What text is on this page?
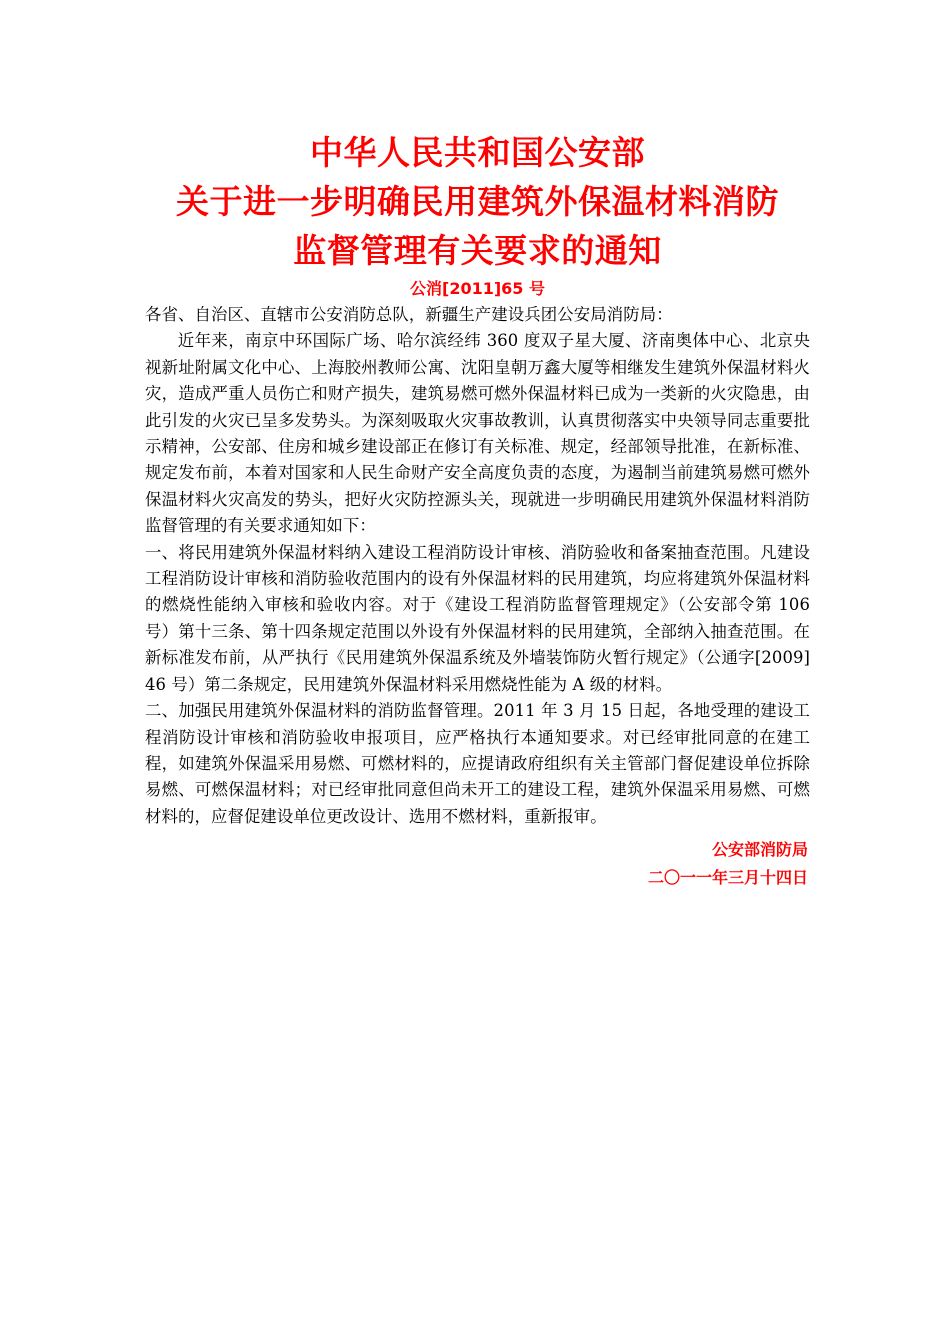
中华人民共和国公安部
关于进一步明确民用建筑外保温材料消防
监督管理有关要求的通知
公消[2011]65 号

各省、自治区、直辖市公安消防总队，新疆生产建设兵团公安局消防局：

近年来，南京中环国际广场、哈尔滨经纬 360 度双子星大厦、济南奥体中心、北京央视新址附属文化中心、上海胶州教师公寓、沈阳皇朝万鑫大厦等相继发生建筑外保温材料火灾，造成严重人员伤亡和财产损失，建筑易燃可燃外保温材料已成为一类新的火灾隐患，由此引发的火灾已呈多发势头。为深刻吸取火灾事故教训，认真贯彻落实中央领导同志重要批示精神，公安部、住房和城乡建设部正在修订有关标准、规定，经部领导批准，在新标准、规定发布前，本着对国家和人民生命财产安全高度负责的态度，为遏制当前建筑易燃可燃外保温材料火灾高发的势头，把好火灾防控源头关，现就进一步明确民用建筑外保温材料消防监督管理的有关要求通知如下：

一、将民用建筑外保温材料纳入建设工程消防设计审核、消防验收和备案抽查范围。凡建设工程消防设计审核和消防验收范围内的设有外保温材料的民用建筑，均应将建筑外保温材料的燃烧性能纳入审核和验收内容。对于《建设工程消防监督管理规定》（公安部令第 106 号）第十三条、第十四条规定范围以外设有外保温材料的民用建筑，全部纳入抽查范围。在新标准发布前，从严执行《民用建筑外保温系统及外墙装饰防火暂行规定》（公通字[2009]46 号）第二条规定，民用建筑外保温材料采用燃烧性能为 A 级的材料。

二、加强民用建筑外保温材料的消防监督管理。2011 年 3 月 15 日起，各地受理的建设工程消防设计审核和消防验收申报项目，应严格执行本通知要求。对已经审批同意的在建工程，如建筑外保温采用易燃、可燃材料的，应提请政府组织有关主管部门督促建设单位拆除易燃、可燃保温材料；对已经审批同意但尚未开工的建设工程，建筑外保温采用易燃、可燃材料的，应督促建设单位更改设计、选用不燃材料，重新报审。

公安部消防局
二〇一一年三月十四日
